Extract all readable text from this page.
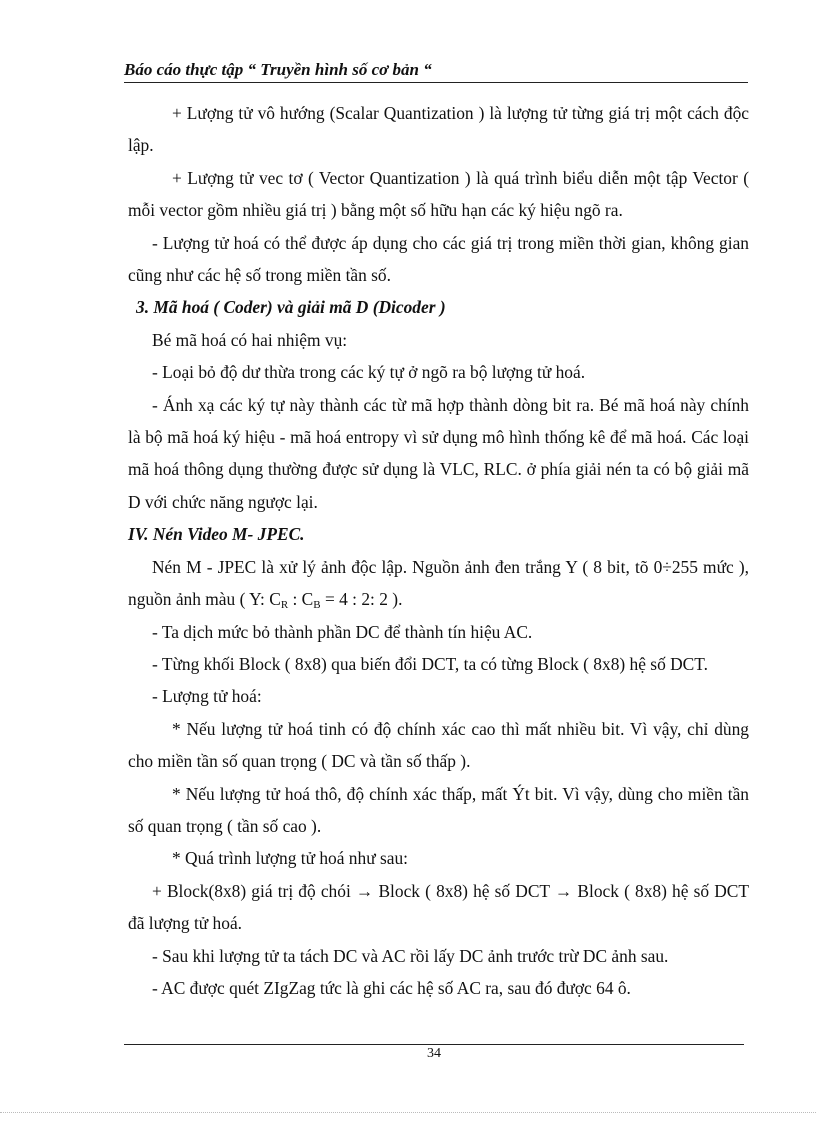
Báo cáo thực tập “ Truyền hình số cơ bản “

+ Lượng tử vô hướng (Scalar Quantization ) là lượng tử từng giá trị một cách độc lập.

+ Lượng tử vec tơ ( Vector Quantization ) là quá trình biểu diễn một tập Vector ( mỗi vector gồm nhiều giá trị ) bằng một số hữu hạn các ký hiệu ngõ ra.

- Lượng tử hoá có thể được áp dụng cho các giá trị trong miền thời gian, không gian cũng như các hệ số trong miền tần số.

3. Mã hoá ( Coder) và giải mã D (Dicoder )

Bé mã hoá có hai nhiệm vụ:

- Loại bỏ độ dư thừa trong các ký tự ở ngõ ra bộ lượng tử hoá.

- Ánh xạ các ký tự này thành các từ mã hợp thành dòng bit ra. Bé mã hoá này chính là bộ mã hoá ký hiệu - mã hoá entropy vì sử dụng mô hình thống kê để mã hoá. Các loại mã hoá thông dụng thường được sử dụng là VLC, RLC. ở phía giải nén ta có bộ giải mã D với chức năng ngược lại.

IV. Nén Video M- JPEC.

Nén M - JPEC là xử lý ảnh độc lập. Nguồn ảnh đen trắng Y ( 8 bit, tõ 0÷255 mức ), nguồn ảnh màu ( Y: $C_R$ : $C_B = 4$ : 2: 2 ).

- Ta dịch mức bỏ thành phần DC để thành tín hiệu AC.

- Từng khối Block ( 8x8) qua biến đổi DCT, ta có từng Block ( 8x8) hệ số DCT.

- Lượng tử hoá:

* Nếu lượng tử hoá tinh có độ chính xác cao thì mất nhiều bit. Vì vậy, chỉ dùng cho miền tần số quan trọng ( DC và tần số thấp ).

* Nếu lượng tử hoá thô, độ chính xác thấp, mất Ýt bit. Vì vậy, dùng cho miền tần số quan trọng ( tần số cao ).

* Quá trình lượng tử hoá như sau:

+ Block(8x8) giá trị độ chói → Block ( 8x8) hệ số DCT → Block ( 8x8) hệ số DCT đã lượng tử hoá.

- Sau khi lượng tử ta tách DC và AC rồi lấy DC ảnh trước trừ DC ảnh sau.

- AC được quét ZIgZag tức là ghi các hệ số AC ra, sau đó được 64 ô.

34
